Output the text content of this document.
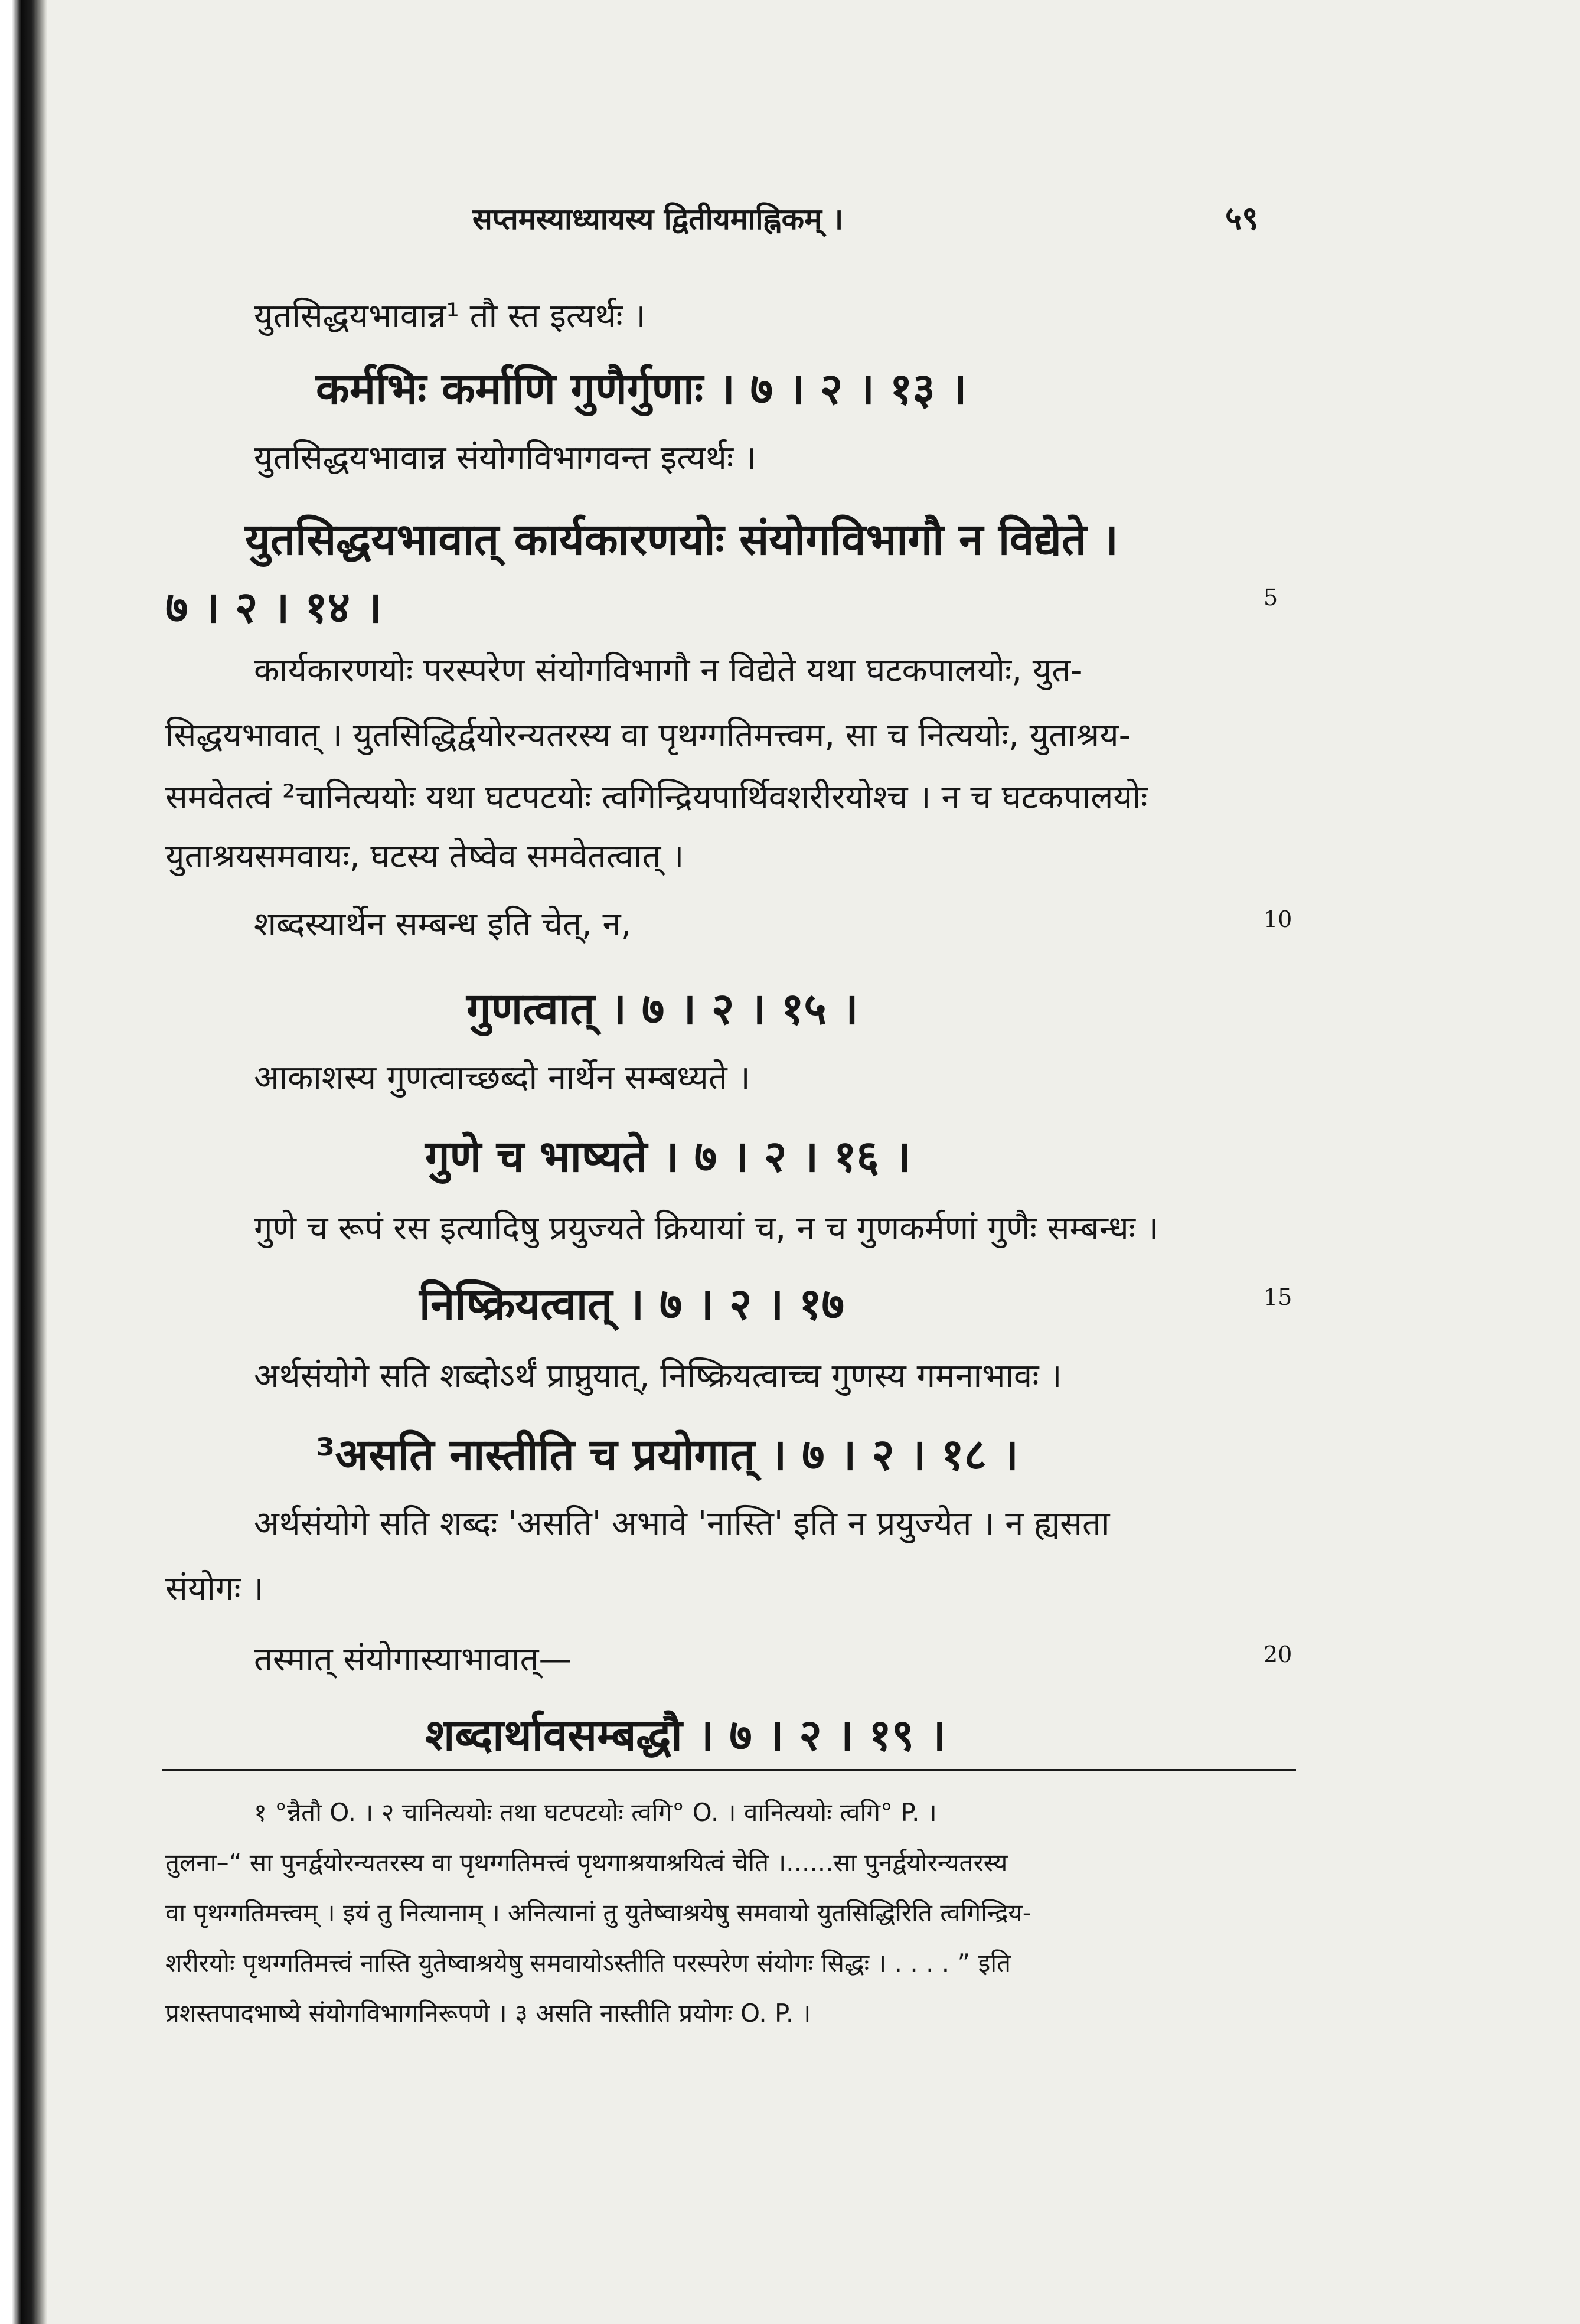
सप्तमस्याध्यायस्य द्वितीयमाह्निकम् ।	५९
युतसिद्धयभावान्न¹ तौ स्त इत्यर्थः ।
कर्मभिः कर्माणि गुणैर्गुणाः । ७ । २ । १३ ।
युतसिद्धयभावान्न संयोगविभागवन्त इत्यर्थः ।
युतसिद्धयभावात् कार्यकारणयोः संयोगविभागौ न विद्येते ।
७ । २ । १४ ।
कार्यकारणयोः परस्परेण संयोगविभागौ न विद्येते यथा घटकपालयोः, युत-
सिद्धयभावात् । युतसिद्धिर्द्वयोरन्यतरस्य वा पृथग्गतिमत्त्वम, सा च नित्ययोः, युताश्रय-
समवेतत्वं ²चानित्ययोः यथा घटपटयोः त्वगिन्द्रियपार्थिवशरीरयोश्च । न च घटकपालयोः
युताश्रयसमवायः, घटस्य तेष्वेव समवेतत्वात् ।
शब्दस्यार्थेन सम्बन्ध इति चेत्, न,
गुणत्वात् । ७ । २ । १५ ।
आकाशस्य गुणत्वाच्छब्दो नार्थेन सम्बध्यते ।
गुणे च भाष्यते । ७ । २ । १६ ।
गुणे च रूपं रस इत्यादिषु प्रयुज्यते क्रियायां च, न च गुणकर्मणां गुणैः सम्बन्धः ।
निष्क्रियत्वात् । ७ । २ । १७
अर्थसंयोगे सति शब्दोऽर्थं प्राप्नुयात्, निष्क्रियत्वाच्च गुणस्य गमनाभावः ।
³असति नास्तीति च प्रयोगात् । ७ । २ । १८ ।
अर्थसंयोगे सति शब्दः 'असति' अभावे 'नास्ति' इति न प्रयुज्येत । न ह्यसता
संयोगः ।
तस्मात् संयोगास्याभावात्—
शब्दार्थावसम्बद्धौ । ७ । २ । १९ ।
5
10
15
20
१ °न्नैतौ O. । २ चानित्ययोः तथा घटपटयोः त्वगि° O. । वानित्ययोः त्वगि° P. ।
तुलना–“ सा पुनर्द्वयोरन्यतरस्य वा पृथग्गतिमत्त्वं पृथगाश्रयाश्रयित्वं चेति ।......सा पुनर्द्वयोरन्यतरस्य
वा पृथग्गतिमत्त्वम् । इयं तु नित्यानाम् । अनित्यानां तु युतेष्वाश्रयेषु समवायो युतसिद्धिरिति त्वगिन्द्रिय-
शरीरयोः पृथग्गतिमत्त्वं नास्ति युतेष्वाश्रयेषु समवायोऽस्तीति परस्परेण संयोगः सिद्धः । . . . . ” इति
प्रशस्तपादभाष्ये संयोगविभागनिरूपणे । ३ असति नास्तीति प्रयोगः O. P. ।
